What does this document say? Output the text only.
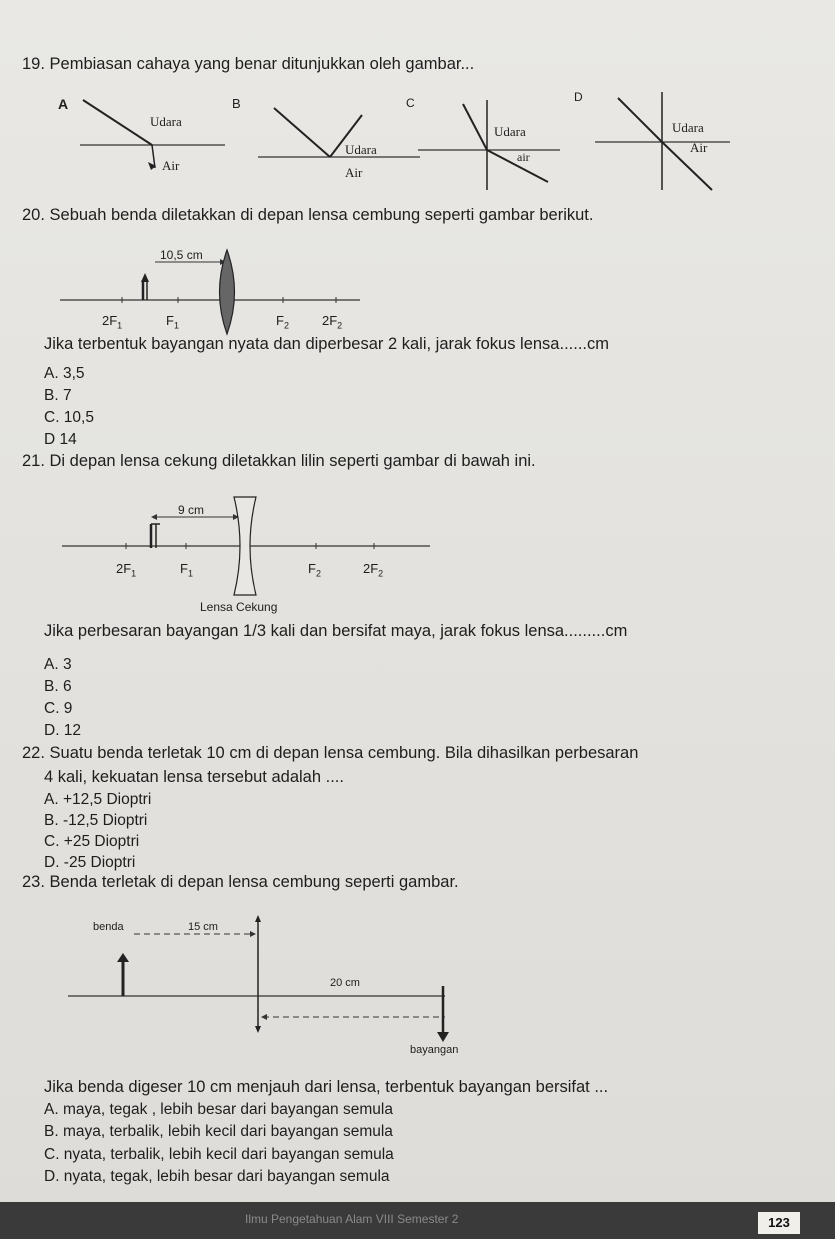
19. Pembiasan cahaya yang benar ditunjukkan oleh gambar...
A
Udara
Air
B
Udara
Air
C
Udara
air
D
Udara
Air
20. Sebuah benda diletakkan di depan lensa cembung seperti gambar berikut.
10,5 cm
$2F_1$	$F_1$	$F_2$	$2F_2$
Jika terbentuk bayangan nyata dan diperbesar 2 kali, jarak fokus lensa......cm
A. 3,5
B. 7
C. 10,5
D 14
21. Di depan lensa cekung diletakkan lilin seperti gambar di bawah ini.
9 cm
$2F_1$	$F_1$	$F_2$	$2F_2$
Lensa Cekung
Jika perbesaran bayangan 1/3 kali dan bersifat maya, jarak fokus lensa.........cm
A. 3
B. 6
C. 9
D. 12
22. Suatu benda terletak 10 cm di depan lensa cembung. Bila dihasilkan perbesaran
4 kali, kekuatan lensa tersebut adalah ....
A. +12,5 Dioptri
B. -12,5 Dioptri
C. +25 Dioptri
D. -25 Dioptri
23. Benda terletak di depan lensa cembung seperti gambar.
benda	15 cm
20 cm
bayangan
Jika benda digeser 10 cm menjauh dari lensa, terbentuk bayangan bersifat ...
A. maya, tegak , lebih besar dari bayangan semula
B. maya, terbalik, lebih kecil dari bayangan semula
C. nyata, terbalik, lebih kecil dari bayangan semula
D. nyata, tegak, lebih besar dari bayangan semula
Ilmu Pengetahuan Alam VIII Semester 2	123
